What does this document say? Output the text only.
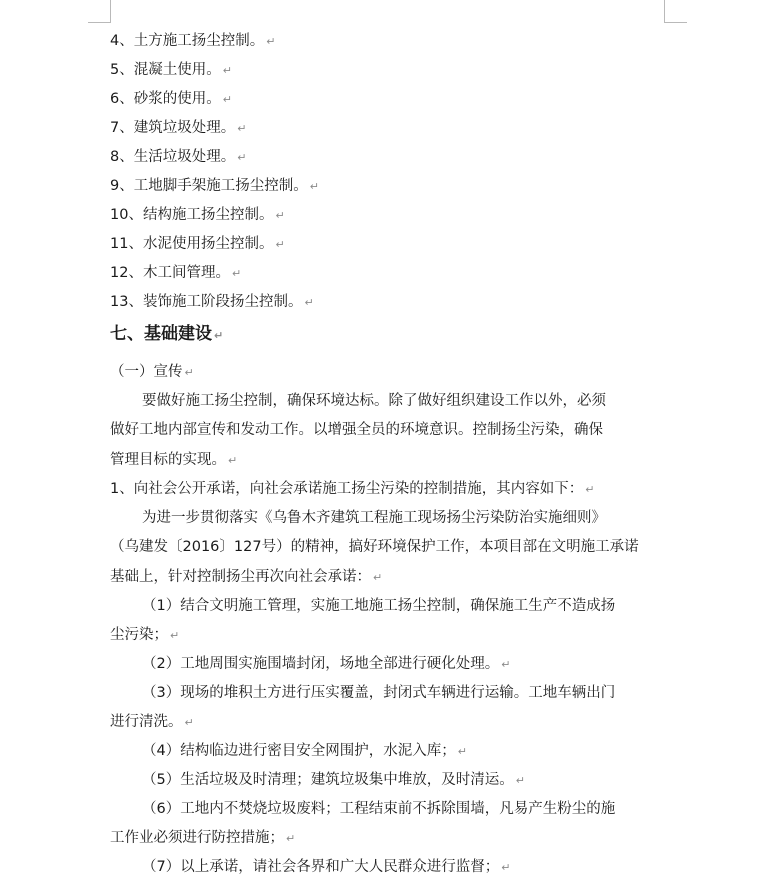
4、土方施工扬尘控制。 ↵
5、混凝土使用。 ↵
6、砂浆的使用。 ↵
7、建筑垃圾处理。 ↵
8、生活垃圾处理。 ↵
9、工地脚手架施工扬尘控制。 ↵
10、结构施工扬尘控制。 ↵
11、水泥使用扬尘控制。 ↵
12、木工间管理。 ↵
13、装饰施工阶段扬尘控制。 ↵
七、基础建设 ↵
（一）宣传 ↵
要做好施工扬尘控制，确保环境达标。除了做好组织建设工作以外，必须
做好工地内部宣传和发动工作。以增强全员的环境意识。控制扬尘污染，确保
管理目标的实现。 ↵
1、向社会公开承诺，向社会承诺施工扬尘污染的控制措施，其内容如下： ↵
为进一步贯彻落实《乌鲁木齐建筑工程施工现场扬尘污染防治实施细则》
（乌建发〔2016〕127号）的精神，搞好环境保护工作，本项目部在文明施工承诺
基础上，针对控制扬尘再次向社会承诺： ↵
（1）结合文明施工管理，实施工地施工扬尘控制，确保施工生产不造成扬
尘污染； ↵
（2）工地周围实施围墙封闭，场地全部进行硬化处理。 ↵
（3）现场的堆积土方进行压实覆盖，封闭式车辆进行运输。工地车辆出门
进行清洗。 ↵
（4）结构临边进行密目安全网围护，水泥入库； ↵
（5）生活垃圾及时清理；建筑垃圾集中堆放，及时清运。 ↵
（6）工地内不焚烧垃圾废料；工程结束前不拆除围墙，凡易产生粉尘的施
工作业必须进行防控措施； ↵
（7）以上承诺，请社会各界和广大人民群众进行监督； ↵
